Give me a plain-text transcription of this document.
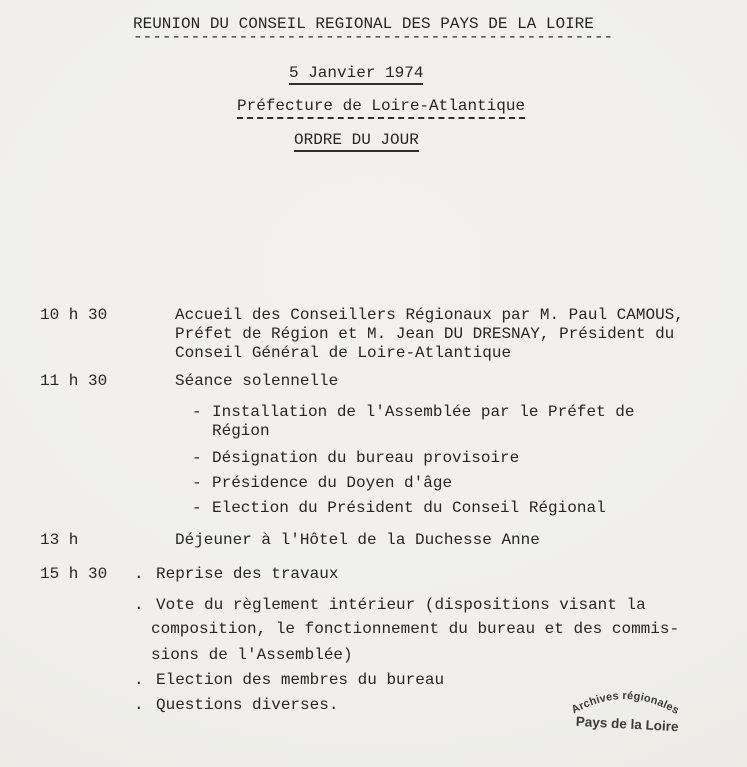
REUNION DU CONSEIL REGIONAL DES PAYS DE LA LOIRE
--------------------------------------------------
5 Janvier 1974
Préfecture de Loire-Atlantique
ORDRE DU JOUR
10 h 30	Accueil des Conseillers Régionaux par M. Paul CAMOUS,
Préfet de Région et M. Jean DU DRESNAY, Président du
Conseil Général de Loire-Atlantique
11 h 30	Séance solennelle
- Installation de l'Assemblée par le Préfet de
Région
- Désignation du bureau provisoire
- Présidence du Doyen d'âge
- Election du Président du Conseil Régional
13 h	Déjeuner à l'Hôtel de la Duchesse Anne
15 h 30 . Reprise des travaux
. Vote du règlement intérieur (dispositions visant la
composition, le fonctionnement du bureau et des commis-
sions de l'Assemblée)
. Election des membres du bureau
. Questions diverses.	Archives régionales
Pays de la Loire
